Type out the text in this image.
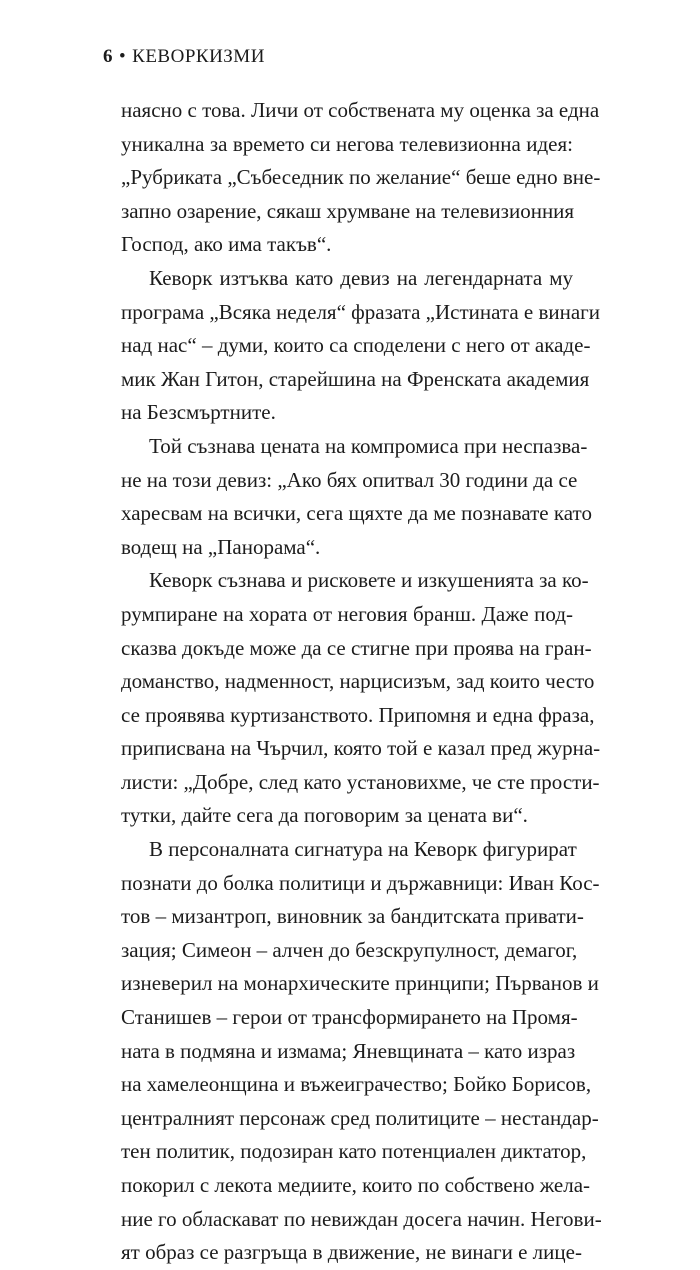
6 • КЕВОРКИЗМИ
наясно с това. Личи от собствената му оценка за една
уникална за времето си негова телевизионна идея:
„Рубриката „Събеседник по желание“ беше едно вне-
запно озарение, сякаш хрумване на телевизионния
Господ, ако има такъв“.
Кеворк изтъква като девиз на легендарната му
програма „Всяка неделя“ фразата „Истината е винаги
над нас“ – думи, които са споделени с него от акаде-
мик Жан Гитон, старейшина на Френската академия
на Безсмъртните.
Той съзнава цената на компромиса при неспазва-
не на този девиз: „Ако бях опитвал 30 години да се
харесвам на всички, сега щяхте да ме познавате като
водещ на „Панорама“.
Кеворк съзнава и рисковете и изкушенията за ко-
румпиране на хората от неговия бранш. Даже под-
сказва докъде може да се стигне при проява на гран-
доманство, надменност, нарцисизъм, зад които често
се проявява куртизанството. Припомня и една фраза,
приписвана на Чърчил, която той е казал пред журна-
листи: „Добре, след като установихме, че сте прости-
тутки, дайте сега да поговорим за цената ви“.
В персоналната сигнатура на Кеворк фигурират
познати до болка политици и държавници: Иван Кос-
тов – мизантроп, виновник за бандитската привати-
зация; Симеон – алчен до безскрупулност, демагог,
изневерил на монархическите принципи; Първанов и
Станишев – герои от трансформирането на Промя-
ната в подмяна и измама; Яневщината – като израз
на хамелеонщина и въжеиграчество; Бойко Борисов,
централният персонаж сред политиците – нестандар-
тен политик, подозиран като потенциален диктатор,
покорил с лекота медиите, които по собствено жела-
ние го обласкават по невиждан досега начин. Негови-
ят образ се разгръща в движение, не винаги е лице-
